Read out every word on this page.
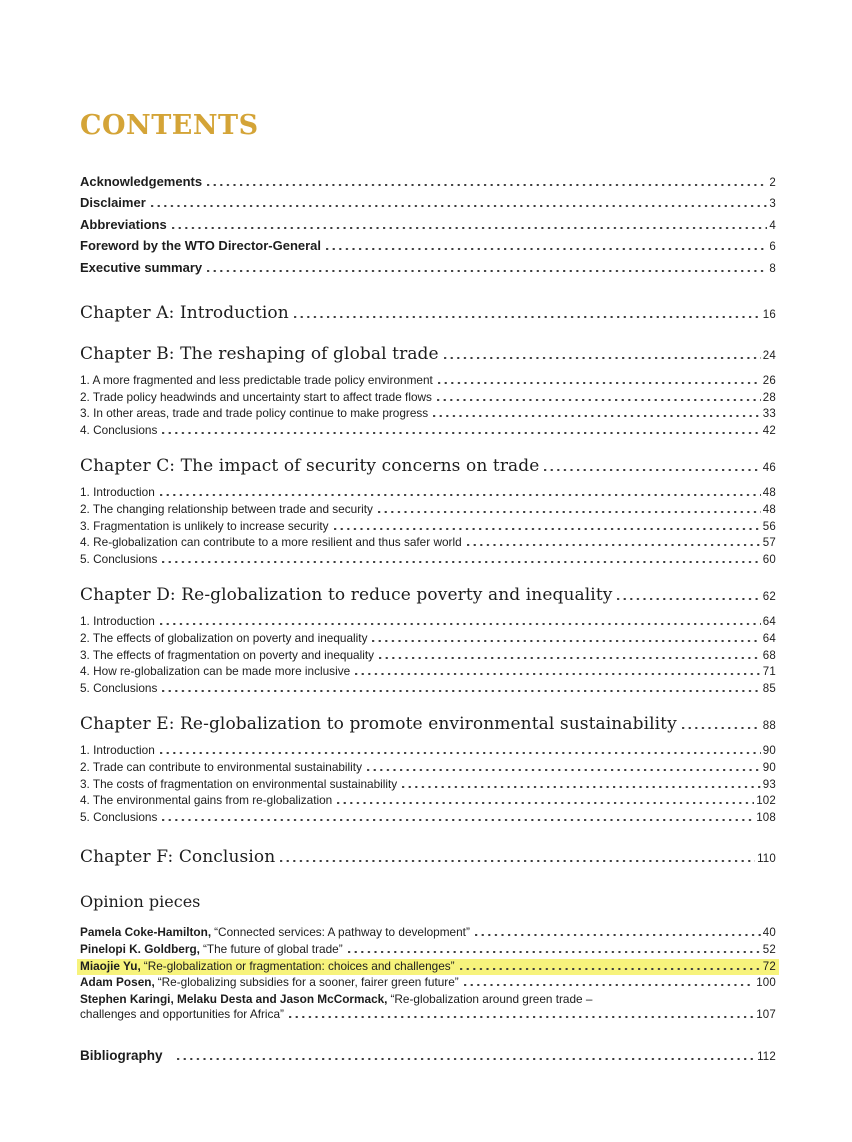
CONTENTS
Acknowledgements	2
Disclaimer	3
Abbreviations	4
Foreword by the WTO Director-General	6
Executive summary	8
Chapter A: Introduction	16
Chapter B: The reshaping of global trade	24
1. A more fragmented and less predictable trade policy environment	26
2. Trade policy headwinds and uncertainty start to affect trade flows	28
3. In other areas, trade and trade policy continue to make progress	33
4. Conclusions	42
Chapter C: The impact of security concerns on trade	46
1. Introduction	48
2. The changing relationship between trade and security	48
3. Fragmentation is unlikely to increase security	56
4. Re-globalization can contribute to a more resilient and thus safer world	57
5. Conclusions	60
Chapter D: Re-globalization to reduce poverty and inequality	62
1. Introduction	64
2. The effects of globalization on poverty and inequality	64
3. The effects of fragmentation on poverty and inequality	68
4. How re-globalization can be made more inclusive	71
5. Conclusions	85
Chapter E: Re-globalization to promote environmental sustainability	88
1. Introduction	90
2. Trade can contribute to environmental sustainability	90
3. The costs of fragmentation on environmental sustainability	93
4. The environmental gains from re-globalization	102
5. Conclusions	108
Chapter F: Conclusion	110
Opinion pieces
Pamela Coke-Hamilton, “Connected services: A pathway to development”	40
Pinelopi K. Goldberg, “The future of global trade”	52
Miaojie Yu, “Re-globalization or fragmentation: choices and challenges”	72
Adam Posen, “Re-globalizing subsidies for a sooner, fairer green future”	100
Stephen Karingi, Melaku Desta and Jason McCormack, “Re-globalization around green trade –
challenges and opportunities for Africa”	107
Bibliography	112
